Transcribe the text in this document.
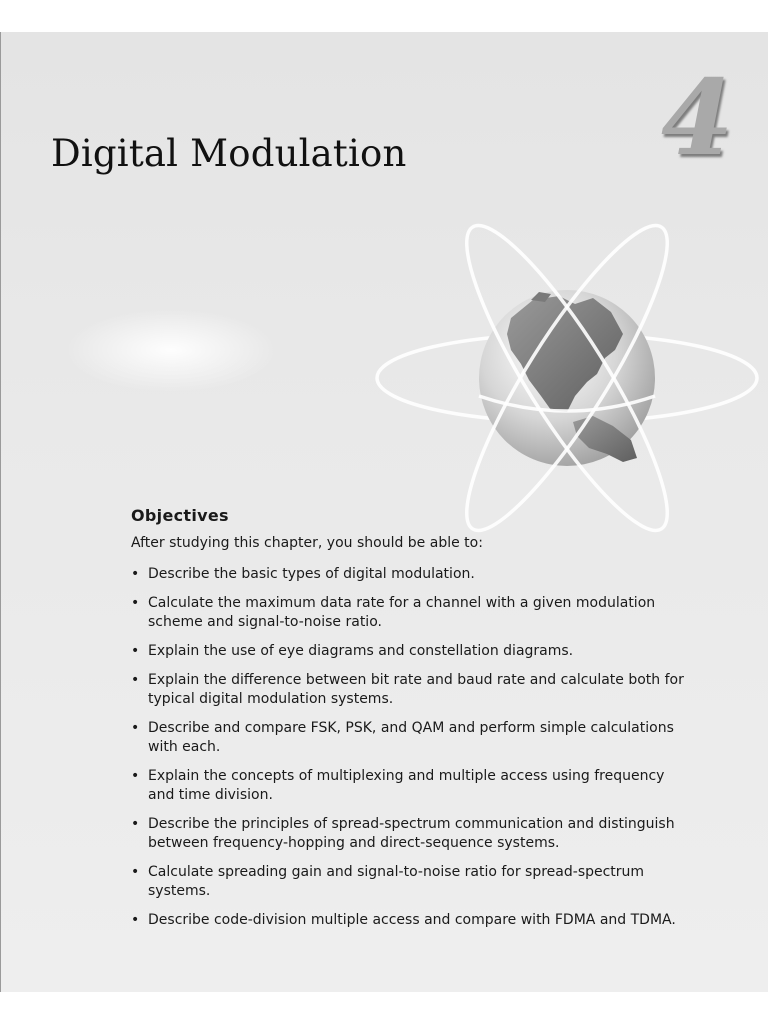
4
Digital Modulation
Objectives

After studying this chapter, you should be able to:

• Describe the basic types of digital modulation.
• Calculate the maximum data rate for a channel with a given modulation scheme and signal-to-noise ratio.
• Explain the use of eye diagrams and constellation diagrams.
• Explain the difference between bit rate and baud rate and calculate both for typical digital modulation systems.
• Describe and compare FSK, PSK, and QAM and perform simple calculations with each.
• Explain the concepts of multiplexing and multiple access using frequency and time division.
• Describe the principles of spread-spectrum communication and distinguish between frequency-hopping and direct-sequence systems.
• Calculate spreading gain and signal-to-noise ratio for spread-spectrum systems.
• Describe code-division multiple access and compare with FDMA and TDMA.
